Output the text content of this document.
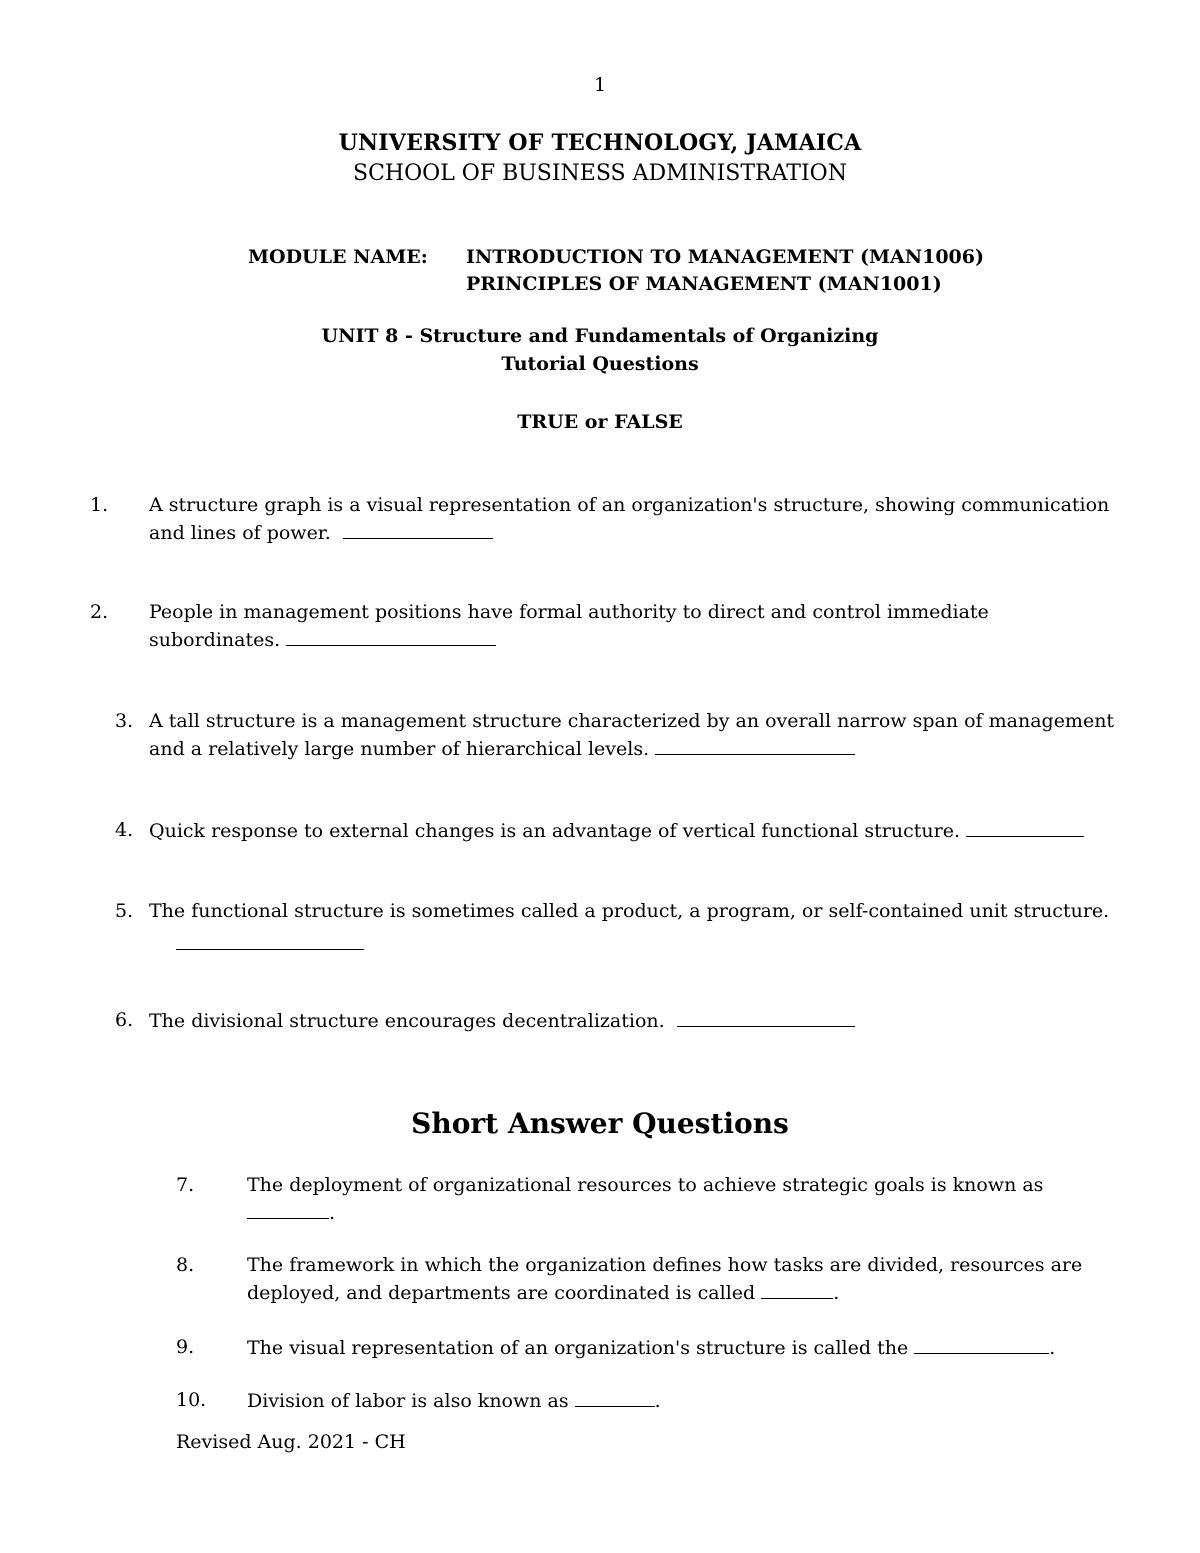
1
UNIVERSITY OF TECHNOLOGY, JAMAICA
SCHOOL OF BUSINESS ADMINISTRATION
MODULE NAME: INTRODUCTION TO MANAGEMENT (MAN1006)
PRINCIPLES OF MANAGEMENT (MAN1001)
UNIT 8 - Structure and Fundamentals of Organizing
Tutorial Questions
TRUE or FALSE
1. A structure graph is a visual representation of an organization's structure, showing communication
and lines of power.
2. People in management positions have formal authority to direct and control immediate
subordinates.
3. A tall structure is a management structure characterized by an overall narrow span of management
and a relatively large number of hierarchical levels.
4. Quick response to external changes is an advantage of vertical functional structure.
5. The functional structure is sometimes called a product, a program, or self-contained unit structure.
6. The divisional structure encourages decentralization.
Short Answer Questions
7.	The deployment of organizational resources to achieve strategic goals is known as
.
8.	The framework in which the organization defines how tasks are divided, resources are
deployed, and departments are coordinated is called	.
9.	The visual representation of an organization's structure is called the	.
10. Division of labor is also known as	.
Revised Aug. 2021 - CH
